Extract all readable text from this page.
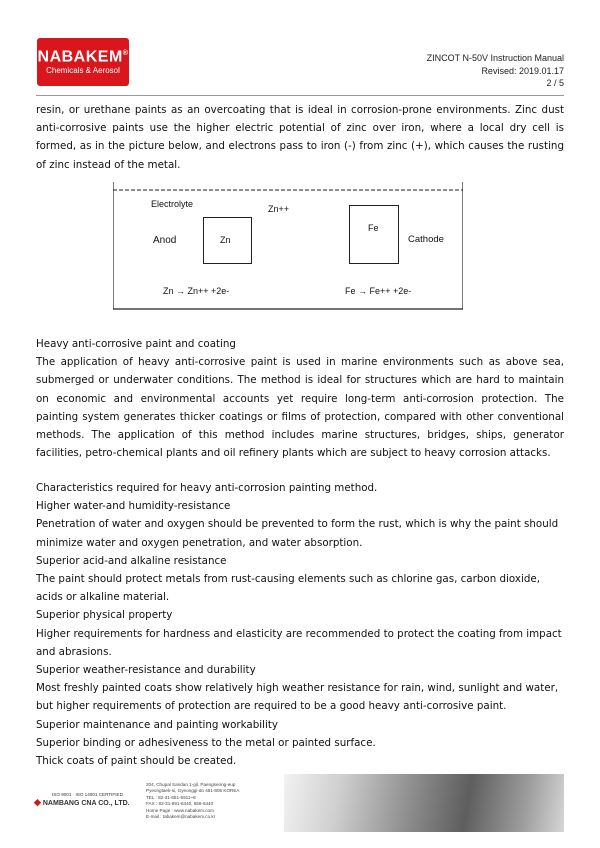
NABAKEM®
Chemicals & Aerosol
ZINCOT N-50V Instruction Manual
Revised: 2019.01.17
2 / 5

resin, or urethane paints as an overcoating that is ideal in corrosion-prone environments. Zinc dust anti-corrosive paints use the higher electric potential of zinc over iron, where a local dry cell is formed, as in the picture below, and electrons pass to iron (-) from zinc (+), which causes the rusting of zinc instead of the metal.

Electrolyte	Zn++
Anod	Zn
Fe
Cathode
Zn → Zn++ +2e-	Fe → Fe++ +2e-

Heavy anti-corrosive paint and coating

The application of heavy anti-corrosive paint is used in marine environments such as above sea, submerged or underwater conditions. The method is ideal for structures which are hard to maintain on economic and environmental accounts yet require long-term anti-corrosion protection. The painting system generates thicker coatings or films of protection, compared with other conventional methods. The application of this method includes marine structures, bridges, ships, generator facilities, petro-chemical plants and oil refinery plants which are subject to heavy corrosion attacks.

Characteristics required for heavy anti-corrosion painting method.

Higher water-and humidity-resistance

Penetration of water and oxygen should be prevented to form the rust, which is why the paint should minimize water and oxygen penetration, and water absorption.

Superior acid-and alkaline resistance

The paint should protect metals from rust-causing elements such as chlorine gas, carbon dioxide, acids or alkaline material.

Superior physical property

Higher requirements for hardness and elasticity are recommended to protect the coating from impact and abrasions.

Superior weather-resistance and durability

Most freshly painted coats show relatively high weather resistance for rain, wind, sunlight and water, but higher requirements of protection are required to be a good heavy anti-corrosive paint.

Superior maintenance and painting workability

Superior binding or adhesiveness to the metal or painted surface.

Thick coats of paint should be created.

ISO 9001 · ISO 14001 CERTIFIED
◆ NAMBANG CNA CO., LTD.
204, Chupal Sandan 1-gil, Paengseong-eup
Pyeongtaek-si, Gyeonggi-do 451-805 KOREA
TEL : 82-31-651-5911~8
FAX : 82-31-691-6440, 658-6440
Home Page : www.nabakem.com
E-mail : tabakem@nabakem.co.kr
